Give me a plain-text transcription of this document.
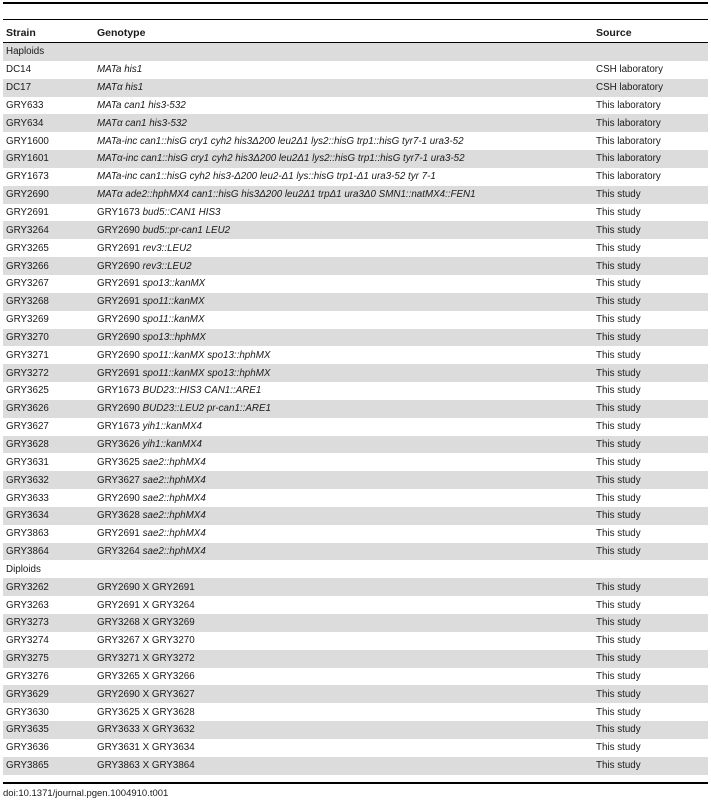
Strain	Genotype	Source
Haploids		
DC14	MATa his1	CSH laboratory
DC17	MATα his1	CSH laboratory
GRY633	MATa can1 his3-532	This laboratory
GRY634	MATα can1 his3-532	This laboratory
GRY1600	MATa-inc can1::hisG cry1 cyh2 his3Δ200 leu2Δ1 lys2::hisG trp1::hisG tyr7-1 ura3-52	This laboratory
GRY1601	MATα-inc can1::hisG cry1 cyh2 his3Δ200 leu2Δ1 lys2::hisG trp1::hisG tyr7-1 ura3-52	This laboratory
GRY1673	MATa-inc can1::hisG cyh2 his3-Δ200 leu2-Δ1 lys::hisG trp1-Δ1 ura3-52 tyr 7-1	This laboratory
GRY2690	MATα ade2::hphMX4 can1::hisG his3Δ200 leu2Δ1 trpΔ1 ura3Δ0 SMN1::natMX4::FEN1	This study
GRY2691	GRY1673 bud5::CAN1 HIS3	This study
GRY3264	GRY2690 bud5::pr-can1 LEU2	This study
GRY3265	GRY2691 rev3::LEU2	This study
GRY3266	GRY2690 rev3::LEU2	This study
GRY3267	GRY2691 spo13::kanMX	This study
GRY3268	GRY2691 spo11::kanMX	This study
GRY3269	GRY2690 spo11::kanMX	This study
GRY3270	GRY2690 spo13::hphMX	This study
GRY3271	GRY2690 spo11::kanMX spo13::hphMX	This study
GRY3272	GRY2691 spo11::kanMX spo13::hphMX	This study
GRY3625	GRY1673 BUD23::HIS3 CAN1::ARE1	This study
GRY3626	GRY2690 BUD23::LEU2 pr-can1::ARE1	This study
GRY3627	GRY1673 yih1::kanMX4	This study
GRY3628	GRY3626 yih1::kanMX4	This study
GRY3631	GRY3625 sae2::hphMX4	This study
GRY3632	GRY3627 sae2::hphMX4	This study
GRY3633	GRY2690 sae2::hphMX4	This study
GRY3634	GRY3628 sae2::hphMX4	This study
GRY3863	GRY2691 sae2::hphMX4	This study
GRY3864	GRY3264 sae2::hphMX4	This study
Diploids		
GRY3262	GRY2690 X GRY2691	This study
GRY3263	GRY2691 X GRY3264	This study
GRY3273	GRY3268 X GRY3269	This study
GRY3274	GRY3267 X GRY3270	This study
GRY3275	GRY3271 X GRY3272	This study
GRY3276	GRY3265 X GRY3266	This study
GRY3629	GRY2690 X GRY3627	This study
GRY3630	GRY3625 X GRY3628	This study
GRY3635	GRY3633 X GRY3632	This study
GRY3636	GRY3631 X GRY3634	This study
GRY3865	GRY3863 X GRY3864	This study
doi:10.1371/journal.pgen.1004910.t001
